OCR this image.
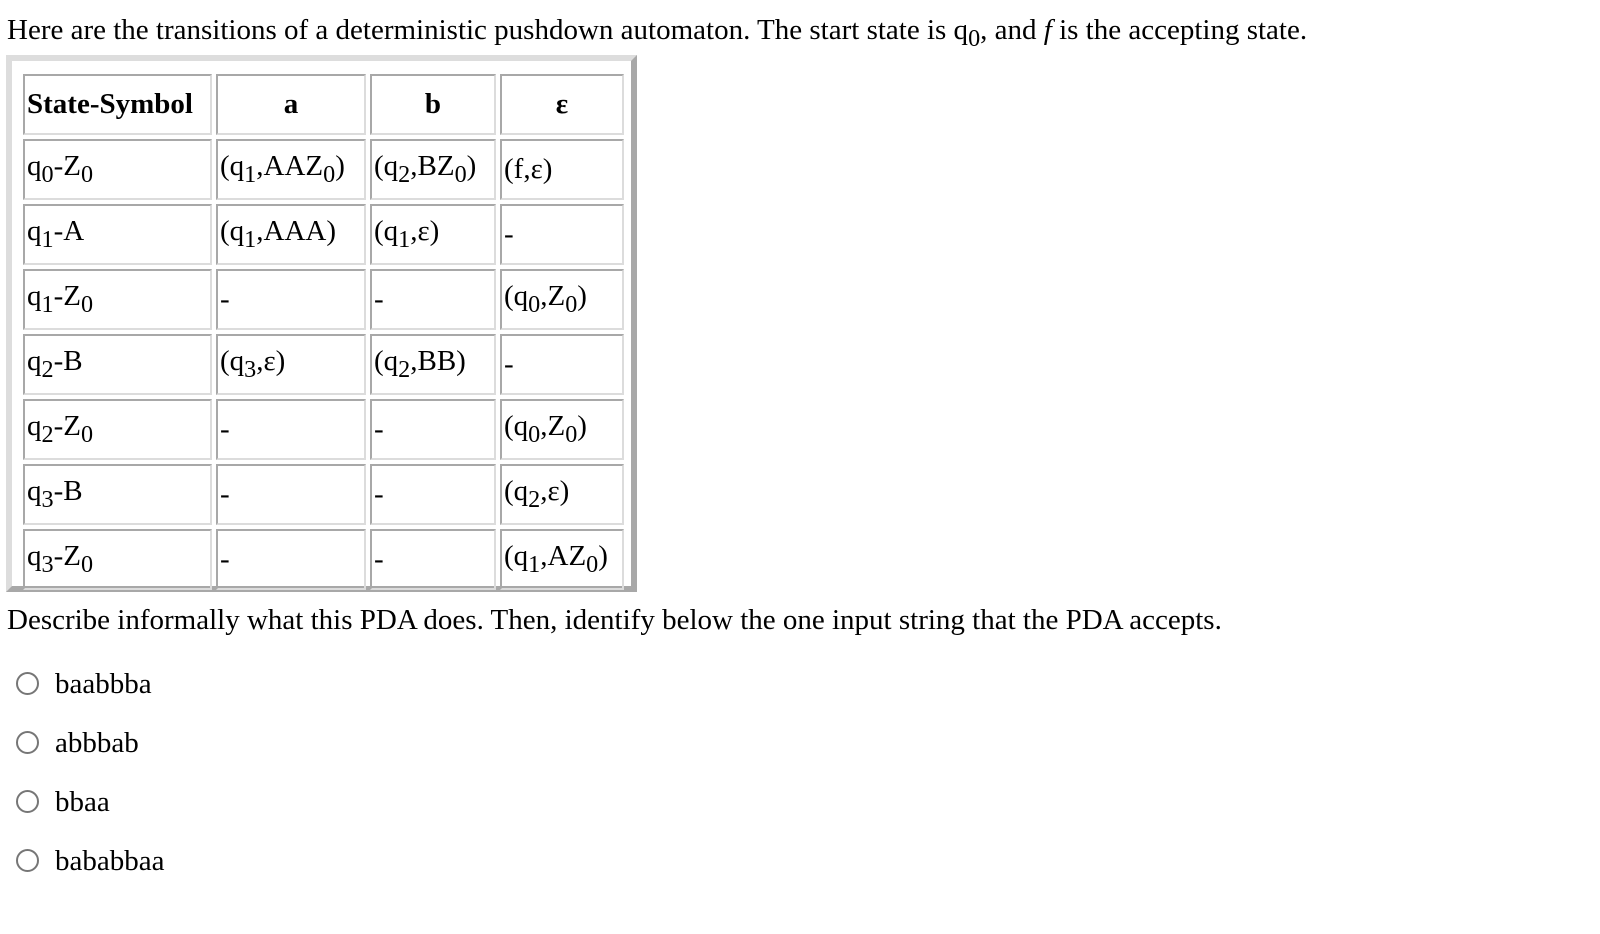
Here are the transitions of a deterministic pushdown automaton. The start state is $q_0$, and f is the accepting state.
State-Symbol	a	b	ε
$q_0-Z_0$	$(q_1,AAZ_0)$	$(q_2,BZ_0)$	(f,ε)
$q_1-A$	$(q_1,AAA)$	$(q_1,\varepsilon)$	-
$q_1-Z_0$	-	-	$(q_0,Z_0)$
$q_2-B$	$(q_3,\varepsilon)$	$(q_2,BB)$	-
$q_2-Z_0$	-	-	$(q_0,Z_0)$
$q_3-B$	-	-	$(q_2,\varepsilon)$
$q_3-Z_0$	-	-	$(q_1,AZ_0)$
Describe informally what this PDA does. Then, identify below the one input string that the PDA accepts.
baabbba
abbbab
bbaa
bababbaa
